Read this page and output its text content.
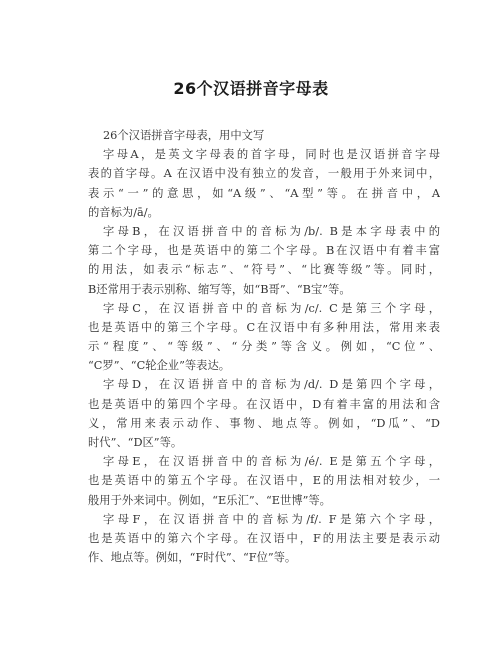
26个汉语拼音字母表
26个汉语拼音字母表，用中文写
字母A，是英文字母表的首字母，同时也是汉语拼音字母
表的首字母。A 在汉语中没有独立的发音，一般用于外来词中，
表示“一”的意思，如“A级”、“A型”等。在拼音中，A
的音标为/ā/。
字母B，在汉语拼音中的音标为/b/. B是本字母表中的
第二个字母，也是英语中的第二个字母。B在汉语中有着丰富
的用法，如表示“标志”、“符号”、“比赛等级”等。同时，
B还常用于表示别称、缩写等，如“B哥”、“B宝”等。
字母C，在汉语拼音中的音标为/c/. C是第三个字母，
也是英语中的第三个字母。C在汉语中有多种用法，常用来表
示“程度”、“等级”、“分类”等含义。例如，“C位”、
“C罗”、“C轮企业”等表达。
字母D，在汉语拼音中的音标为/d/. D是第四个字母，
也是英语中的第四个字母。在汉语中，D有着丰富的用法和含
义，常用来表示动作、事物、地点等。例如，“D瓜”、“D
时代”、“D区”等。
字母E，在汉语拼音中的音标为/é/. E是第五个字母，
也是英语中的第五个字母。在汉语中，E的用法相对较少，一
般用于外来词中。例如，“E乐汇”、“E世博”等。
字母F，在汉语拼音中的音标为/f/. F是第六个字母，
也是英语中的第六个字母。在汉语中，F的用法主要是表示动
作、地点等。例如，“F时代”、“F位”等。
